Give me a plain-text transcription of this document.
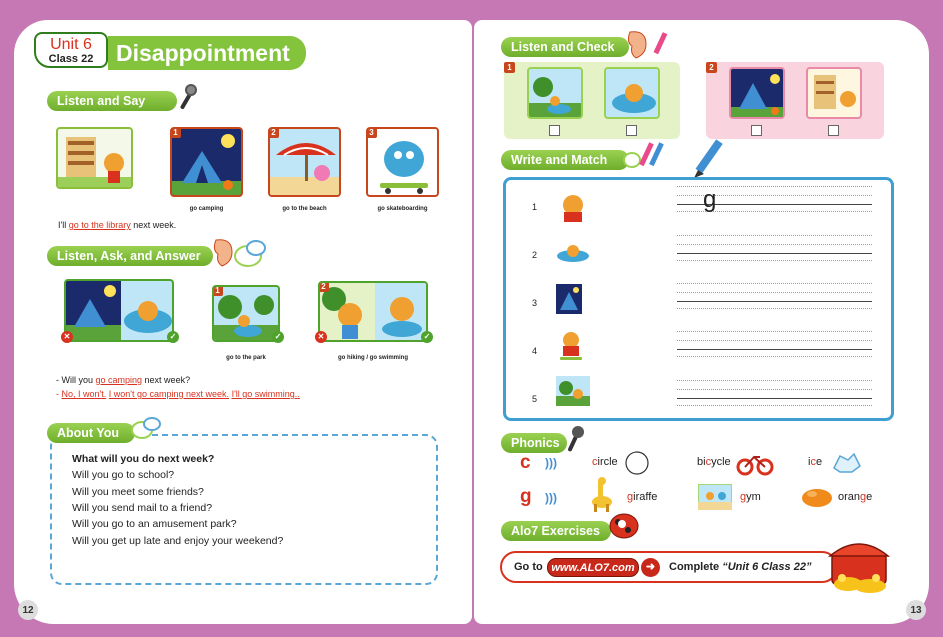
Unit 6
Class 22 Disappointment
Listen and Say
1
go camping
2
go to the beach
3
go skateboarding
I'll go to the library next week.
Listen, Ask, and Answer
✕	✓
1
✓
go to the park
2
✕	✓
go hiking / go swimming
- Will you go camping next week?
- No, I won't. I won't go camping next week. I'll go swimming..
About You
What will you do next week?
Will you go to school?
Will you meet some friends?
Will you send mail to a friend?
Will you go to an amusement park?
Will you get up late and enjoy your weekend?
12
Listen and Check
1	2
Write and Match
1	g
2
3
4
5
Phonics
c )))	circle	bicycle	ice
g )))	giraffe	gym	orange
Alo7 Exercises
Go to www.ALO7.com	➜	Complete “Unit 6 Class 22”
13
